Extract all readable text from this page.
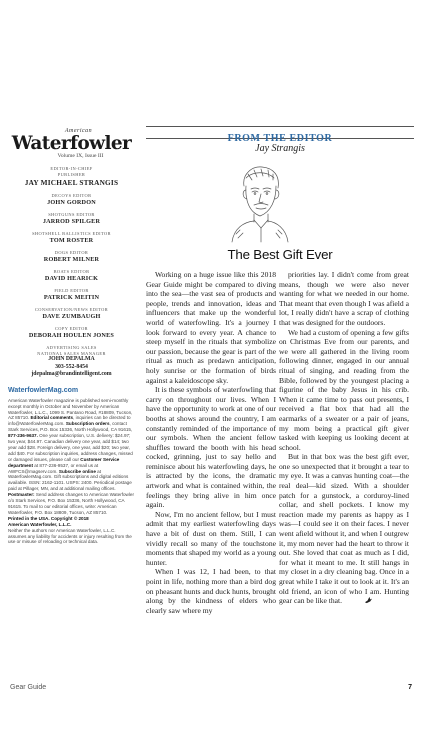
American
Waterfowler
Volume IX, Issue III
EDITOR-IN-CHIEF
PUBLISHER
JAY MICHAEL STRANGIS
DECOYS EDITOR
JOHN GORDON
SHOTGUNS EDITOR
JARROD SPILGER
SHOTSHELL BALLISTICS EDITOR
TOM ROSTER
DOGS EDITOR
ROBERT MILNER
BOATS EDITOR
DAVID HEARICK
FIELD EDITOR
PATRICK MEITIN
CONSERVATION/NEWS EDITOR
DAVE ZUMBAUGH
COPY EDITOR
DEBORAH HOULEN JONES
ADVERTISING SALES
NATIONAL SALES MANAGER
JOHN DEPALMA
303-552-8454
jdepalma@brandintelligent.com
WaterfowlerMag.com
American Waterfowler magazine is published semi-monthly except monthly in October and November by American Waterfowler, L.L.C., 1099 S. Pantano Road, #18809, Tucson, AZ 85710. Editorial comments, inquiries can be directed to info@WaterfowlerMag.com. Subscription orders, contact Stark Services, P.O. Box 15336, North Hollywood, CA 91615, 877-236-9637. One year subscription, U.S. delivery: $24.97; two year, $44.97. Canadian delivery one year, add $14; two year add $28. Foreign delivery, one year, add $20; two year, add $40. For subscription inquiries, address changes, missed or damaged issues, please call our Customer Service department at 877-236-9537, or email us at AWFCS@magserv.com. Subscribe online at WaterfowlerMag.com. Gift subscriptions and digital editions available. ISSN: 2162-1101. USPS: 2400. Periodical postage paid at Pillager, MN, and at additional mailing offices. Postmaster: Send address changes to American Waterfowler c/o Stark Services, P.O. Box 15336, North Hollywood, CA 91615. To mail to our editorial offices, write: American Waterfowler, P.O. Box 18809, Tucson, AZ 85710.
Printed in the USA. Copyright © 2018
American Waterfowler, L.L.C.
Neither the authors nor American Waterfowler, L.L.C. assumes any liability for accidents or injury resulting from the use or misuse of reloading or technical data.
FROM THE EDITOR
Jay Strangis
The Best Gift Ever

Working on a huge issue like this 2018 Gear Guide might be compared to diving into the sea—the vast sea of products and people, trends and innovation, ideas and influencers that make up the wonderful world of waterfowling. It's a journey I look forward to every year. A chance to steep myself in the rituals that symbolize our passion, because the gear is part of the ritual as much as predawn anticipation, holy sunrise or the formation of birds against a kaleidoscope sky.

It is these symbols of waterfowling that carry on throughout our lives. When I have the opportunity to work at one of our booths at shows around the country, I am constantly reminded of the importance of our symbols. When the ancient fellow shuffles toward the booth with his head cocked, grinning, just to say hello and reminisce about his waterfowling days, he is attracted by the icons, the dramatic artwork and what is contained within, the feelings they bring alive in him once again.

Now, I'm no ancient fellow, but I must admit that my earliest waterfowling days have a bit of dust on them. Still, I can vividly recall so many of the touchstone moments that shaped my world as a young hunter.

When I was 12, I had been, to that point in life, nothing more than a bird dog on pheasant hunts and duck hunts, brought along by the kindness of elders who clearly saw where my

priorities lay. I didn't come from great means, though we were also never wanting for what we needed in our home. That meant that even though I was afield a lot, I really didn't have a scrap of clothing that was designed for the outdoors.

We had a custom of opening a few gifts on Christmas Eve from our parents, and we were all gathered in the living room following dinner, engaged in our annual ritual of singing, and reading from the Bible, followed by the youngest placing a figurine of the baby Jesus in his crib. When it came time to pass out presents, I received a flat box that had all the earmarks of a sweater or a pair of jeans, my mom being a practical gift giver tasked with keeping us looking decent at school.

But in that box was the best gift ever, one so unexpected that it brought a tear to my eye. It was a canvas hunting coat—the real deal—kid sized. With a shoulder patch for a gunstock, a corduroy-lined collar, and shell pockets. I know my reaction made my parents as happy as I was—I could see it on their faces. I never went afield without it, and when I outgrew it, my mom never had the heart to throw it out. She loved that coat as much as I did, for what it meant to me. It still hangs in my closet in a dry cleaning bag. Once in a great while I take it out to look at it. It's an old friend, an icon of who I am. Hunting gear can be like that.

Gear Guide	7
